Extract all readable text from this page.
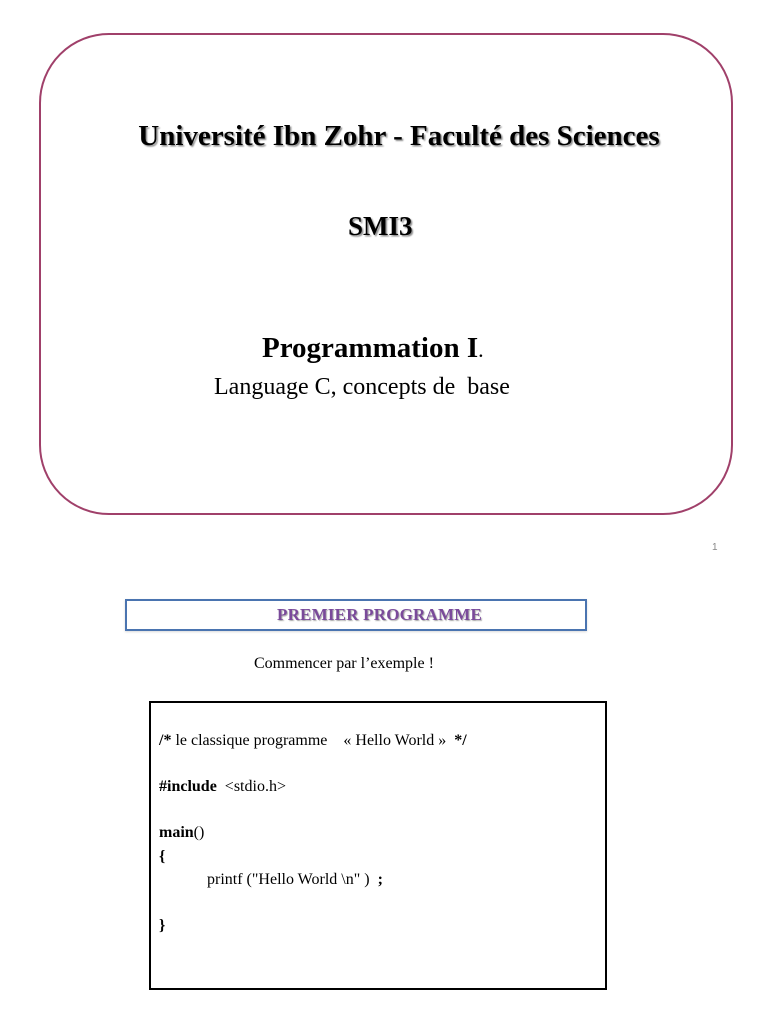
Université Ibn Zohr - Faculté des Sciences
SMI3

Programmation I.

Language C, concepts de  base

1
PREMIER PROGRAMME
Commencer par l’exemple !
/* le classique programme    « Hello World »  */
#include  <stdio.h>
main()
{
printf ("Hello World \n" )  ;
}
